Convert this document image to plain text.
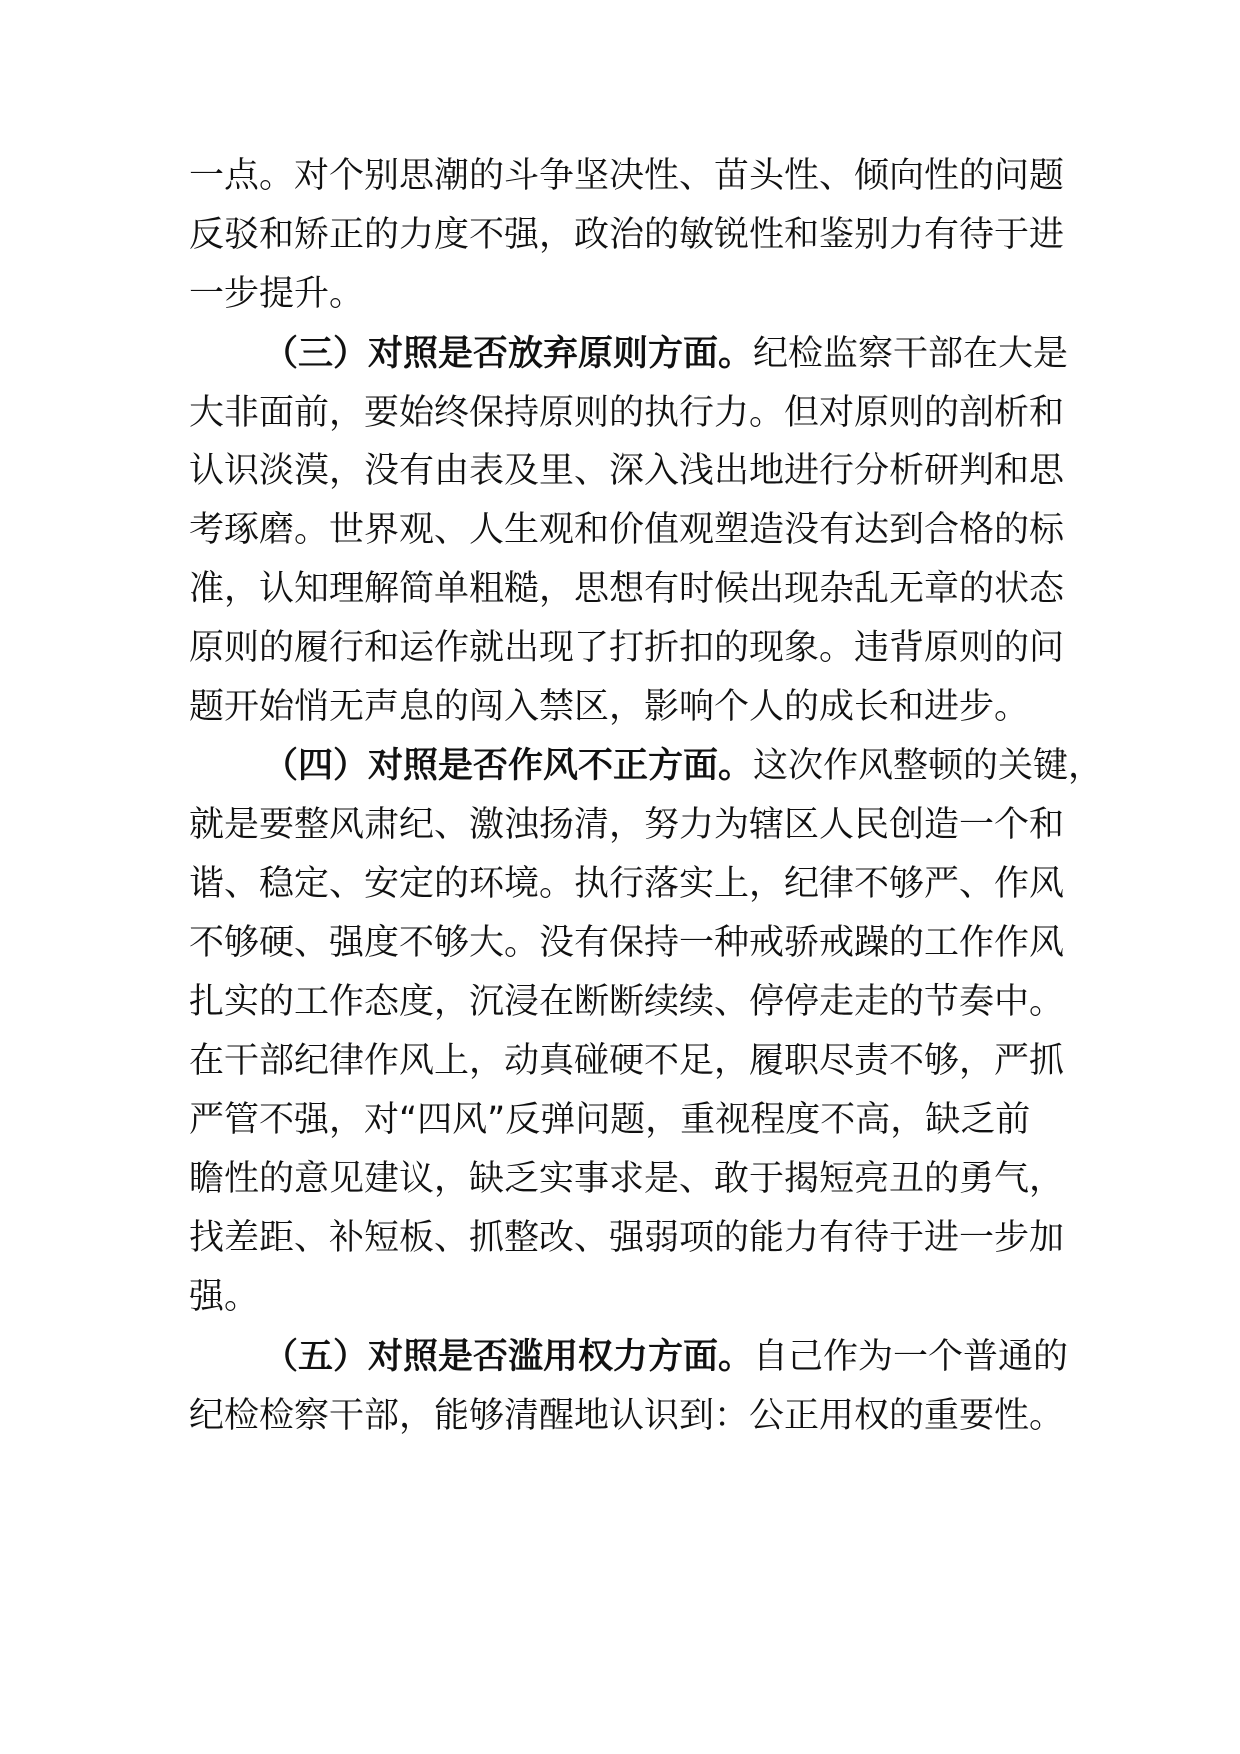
一点。对个别思潮的斗争坚决性、苗头性、倾向性的问题
反驳和矫正的力度不强，政治的敏锐性和鉴别力有待于进
一步提升。
（三）对照是否放弃原则方面。纪检监察干部在大是
大非面前，要始终保持原则的执行力。但对原则的剖析和
认识淡漠，没有由表及里、深入浅出地进行分析研判和思
考琢磨。世界观、人生观和价值观塑造没有达到合格的标
准，认知理解简单粗糙，思想有时候出现杂乱无章的状态
原则的履行和运作就出现了打折扣的现象。违背原则的问
题开始悄无声息的闯入禁区，影响个人的成长和进步。
（四）对照是否作风不正方面。这次作风整顿的关键，
就是要整风肃纪、激浊扬清，努力为辖区人民创造一个和
谐、稳定、安定的环境。执行落实上，纪律不够严、作风
不够硬、强度不够大。没有保持一种戒骄戒躁的工作作风
扎实的工作态度，沉浸在断断续续、停停走走的节奏中。
在干部纪律作风上，动真碰硬不足，履职尽责不够，严抓
严管不强，对“四风”反弹问题，重视程度不高，缺乏前
瞻性的意见建议，缺乏实事求是、敢于揭短亮丑的勇气，
找差距、补短板、抓整改、强弱项的能力有待于进一步加
强。
（五）对照是否滥用权力方面。自己作为一个普通的
纪检检察干部，能够清醒地认识到：公正用权的重要性。
